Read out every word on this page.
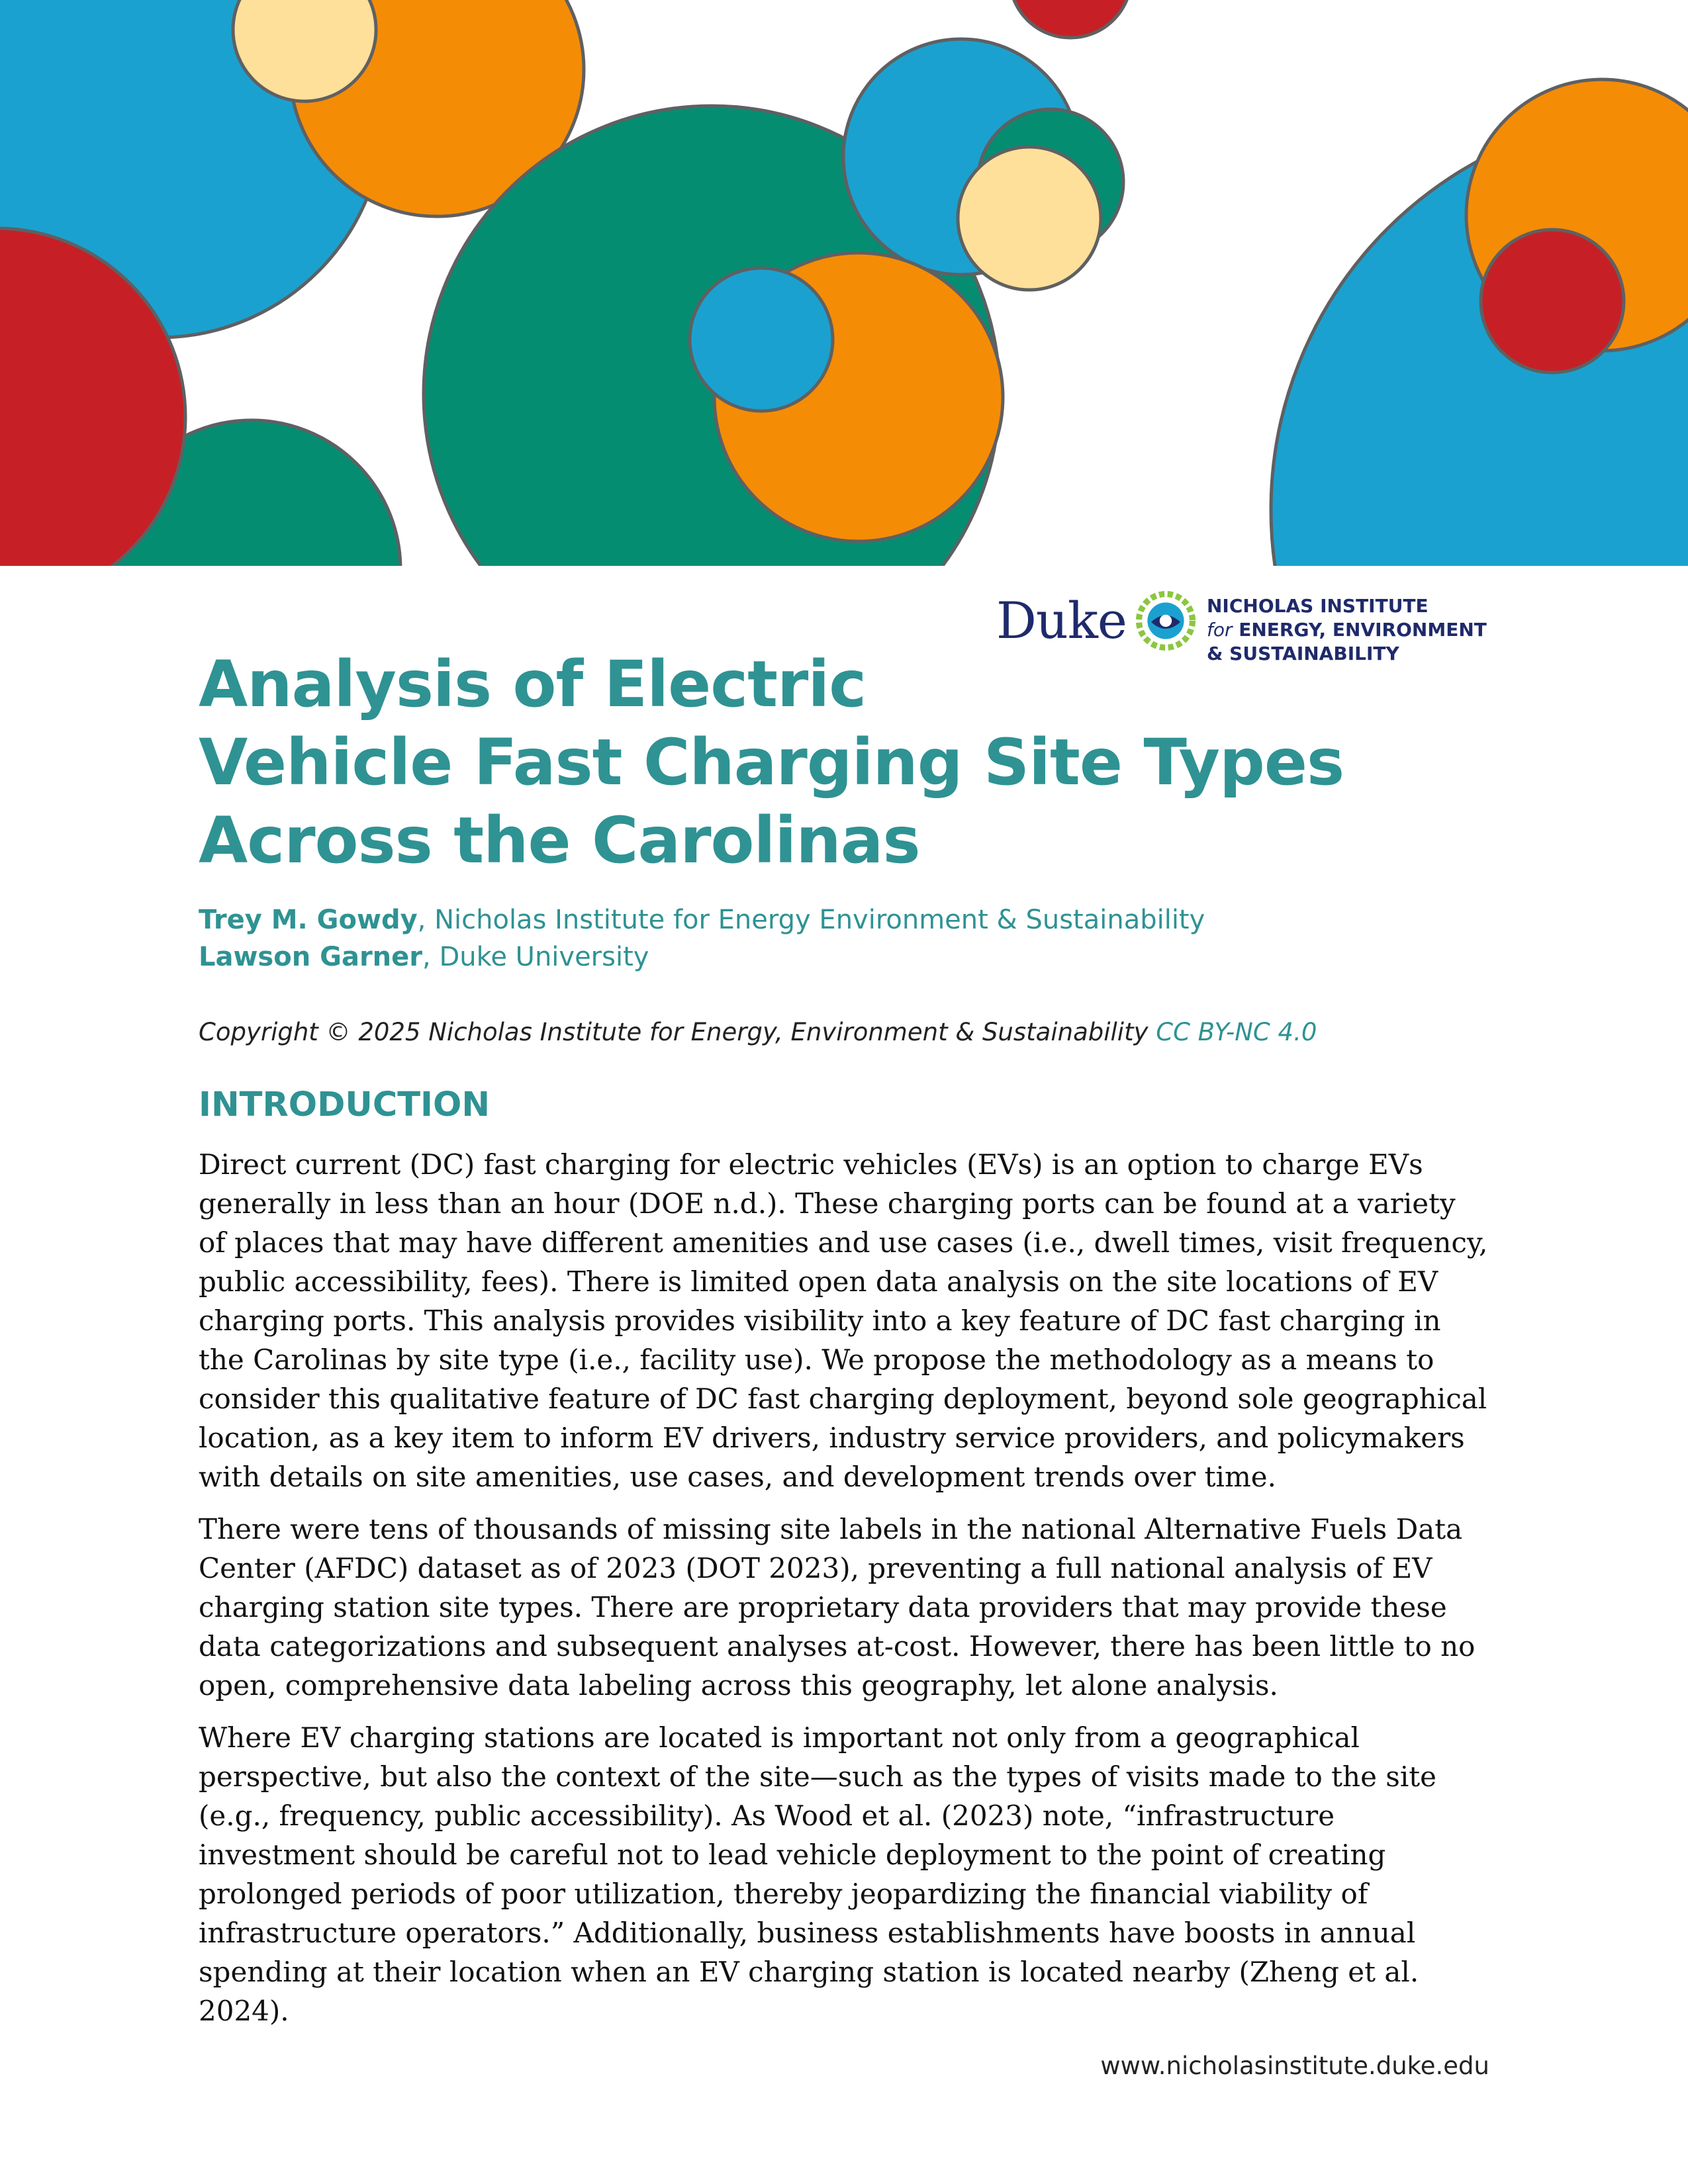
Duke	NICHOLAS INSTITUTE
for ENERGY, ENVIRONMENT
& SUSTAINABILITY
Analysis of Electric
Vehicle Fast Charging Site Types
Across the Carolinas
Trey M. Gowdy, Nicholas Institute for Energy Environment & Sustainability
Lawson Garner, Duke University
Copyright © 2025 Nicholas Institute for Energy, Environment & Sustainability CC BY-NC 4.0
INTRODUCTION

Direct current (DC) fast charging for electric vehicles (EVs) is an option to charge EVs generally in less than an hour (DOE n.d.). These charging ports can be found at a variety of places that may have different amenities and use cases (i.e., dwell times, visit frequency, public accessibility, fees). There is limited open data analysis on the site locations of EV charging ports. This analysis provides visibility into a key feature of DC fast charging in the Carolinas by site type (i.e., facility use). We propose the methodology as a means to consider this qualitative feature of DC fast charging deployment, beyond sole geographical location, as a key item to inform EV drivers, industry service providers, and policymakers with details on site amenities, use cases, and development trends over time.

There were tens of thousands of missing site labels in the national Alternative Fuels Data Center (AFDC) dataset as of 2023 (DOT 2023), preventing a full national analysis of EV charging station site types. There are proprietary data providers that may provide these data categorizations and subsequent analyses at-cost. However, there has been little to no open, comprehensive data labeling across this geography, let alone analysis.

Where EV charging stations are located is important not only from a geographical perspective, but also the context of the site—such as the types of visits made to the site (e.g., frequency, public accessibility). As Wood et al. (2023) note, “infrastructure investment should be careful not to lead vehicle deployment to the point of creating prolonged periods of poor utilization, thereby jeopardizing the financial viability of infrastructure operators.” Additionally, business establishments have boosts in annual spending at their location when an EV charging station is located nearby (Zheng et al. 2024).

www.nicholasinstitute.duke.edu
